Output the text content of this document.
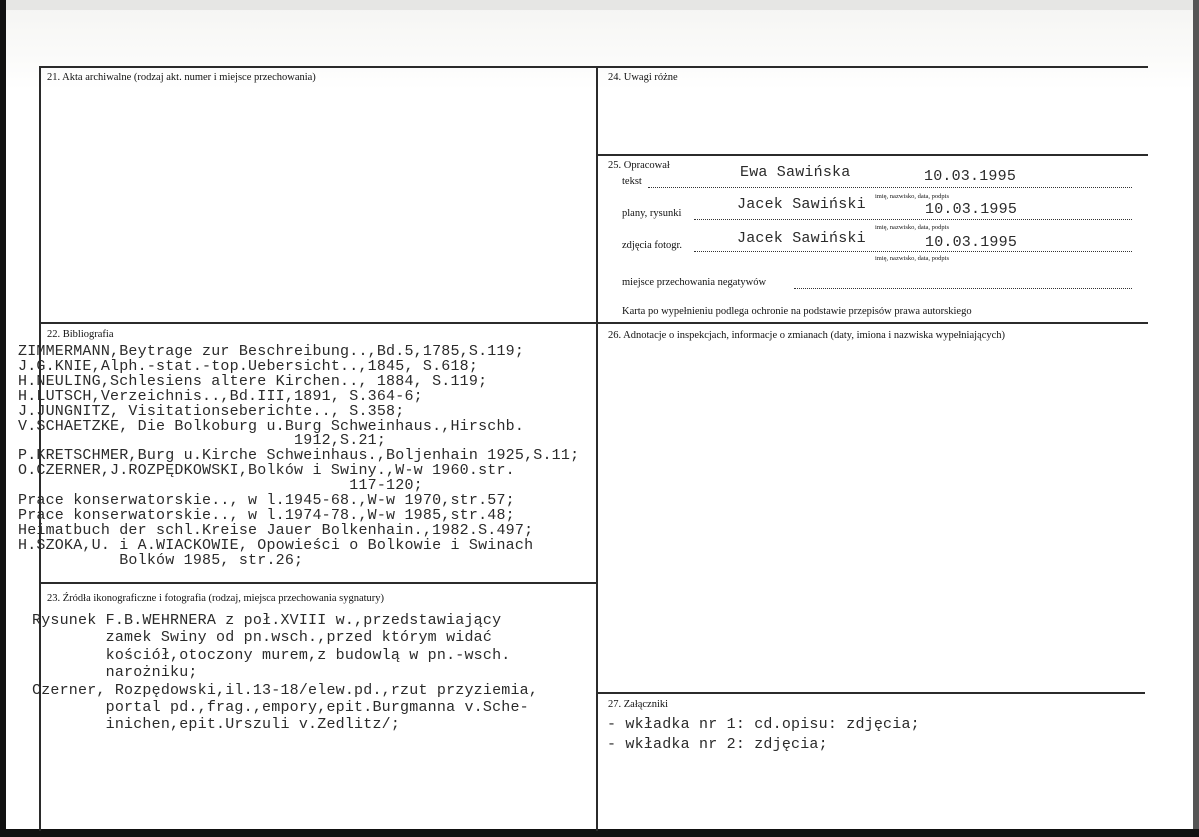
21. Akta archiwalne (rodzaj akt. numer i miejsce przechowania)	24. Uwagi różne
25. Opracował
tekst
Ewa Sawińska	10.03.1995
imię, nazwisko, data, podpis
plany, rysunki
Jacek Sawiński	10.03.1995
imię, nazwisko, data, podpis
zdjęcia fotogr.	Jacek Sawiński	10.03.1995
imię, nazwisko, data, podpis
miejsce przechowania negatywów
Karta po wypełnieniu podlega ochronie na podstawie przepisów prawa autorskiego
22. Bibliografia
ZIMMERMANN,Beytrage zur Beschreibung..,Bd.5,1785,S.119;
J.G.KNIE,Alph.-stat.-top.Uebersicht..,1845, S.618;
H.NEULING,Schlesiens altere Kirchen.., 1884, S.119;
H.LUTSCH,Verzeichnis..,Bd.III,1891, S.364-6;
J.JUNGNITZ, Visitationseberichte.., S.358;
V.SCHAETZKE, Die Bolkoburg u.Burg Schweinhaus.,Hirschb.
1912,S.21;
P.KRETSCHMER,Burg u.Kirche Schweinhaus.,Boljenhain 1925,S.11;
O.CZERNER,J.ROZPĘDKOWSKI,Bolków i Swiny.,W-w 1960.str.
117-120;
Prace konserwatorskie.., w l.1945-68.,W-w 1970,str.57;
Prace konserwatorskie.., w l.1974-78.,W-w 1985,str.48;
Heimatbuch der schl.Kreise Jauer Bolkenhain.,1982.S.497;
H.SZOKA,U. i A.WIACKOWIE, Opowieści o Bolkowie i Swinach
Bolków 1985, str.26;
26. Adnotacje o inspekcjach, informacje o zmianach (daty, imiona i nazwiska wypełniających)
23. Źródła ikonograficzne i fotografia (rodzaj, miejsca przechowania sygnatury)
Rysunek F.B.WEHRNERA z poł.XVIII w.,przedstawiający
zamek Swiny od pn.wsch.,przed którym widać
kościół,otoczony murem,z budowlą w pn.-wsch.
narożniku;
Czerner, Rozpędowski,il.13-18/elew.pd.,rzut przyziemia,
portal pd.,frag.,empory,epit.Burgmanna v.Sche-
inichen,epit.Urszuli v.Zedlitz/;
27. Załączniki
- wkładka nr 1: cd.opisu: zdjęcia;
- wkładka nr 2: zdjęcia;
